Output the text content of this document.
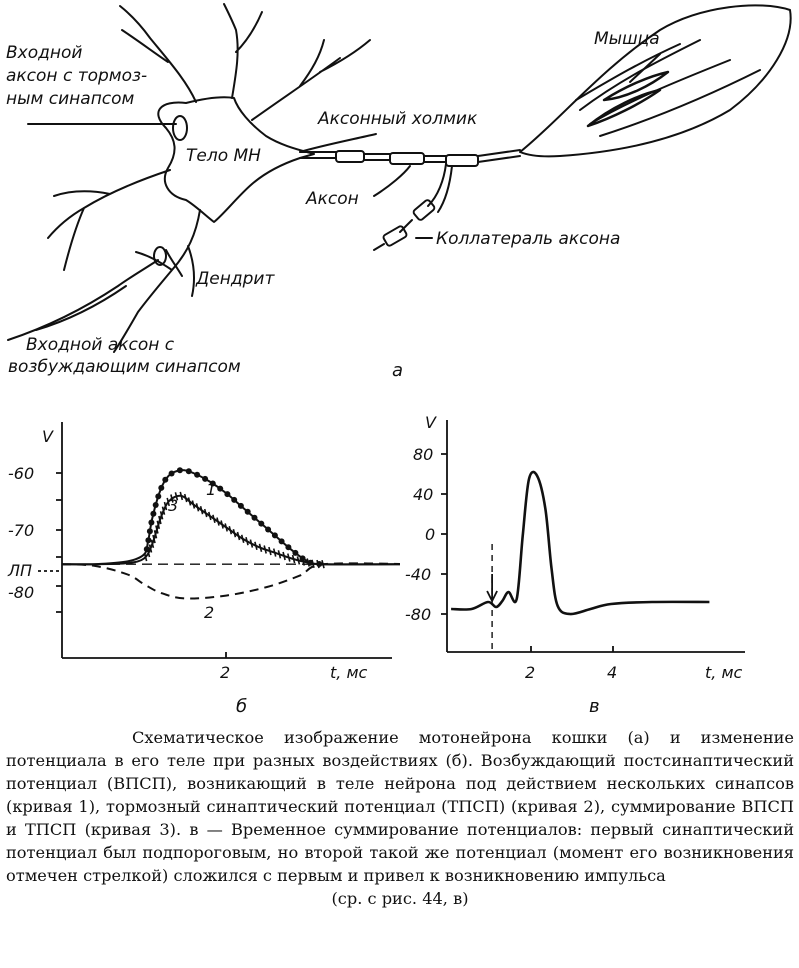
Входной
аксон с тормоз-
ным синапсом
Тело МН
Аксонный холмик
Мышца
Аксон
Коллатераль аксона
Дендрит
Входной аксон с
возбуждающим синапсом	а
V
-60
-70
ЛП
-80
2	t, мс
б
1
2
3
V
80
40
0
-40
-80
2	4	t, мс
в

Схематическое изображение мотонейрона кошки (а) и изменение потенциала в его теле при разных воздействиях (б). Возбуждающий постсинаптический потенциал (ВПСП), возникающий в теле нейрона под действием нескольких синапсов (кривая 1), тормозный синаптический потенциал (ТПСП) (кривая 2), суммирование ВПСП и ТПСП (кривая 3). в — Временное суммирование потенциалов: первый синаптический потенциал был подпороговым, но второй такой же потенциал (момент его возникновения отмечен стрелкой) сложился с первым и привел к возникновению импульса
(ср. с рис. 44, в)
